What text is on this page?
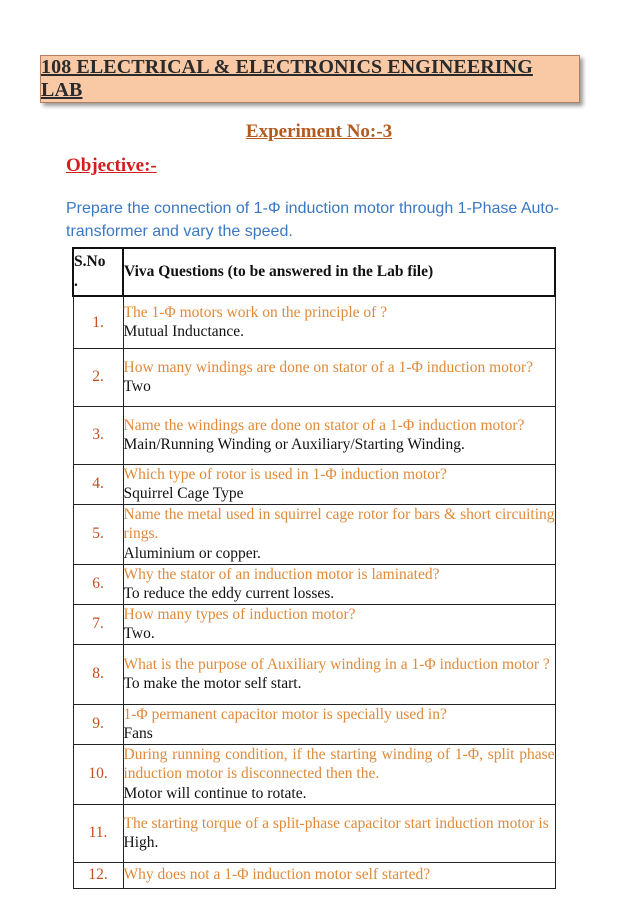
108 ELECTRICAL & ELECTRONICS ENGINEERING LAB
Experiment No:-3
Objective:-
Prepare the connection of 1-Φ induction motor through 1-Phase Auto- transformer and vary the speed.
S.No
.	Viva Questions (to be answered in the Lab file)
1.	The 1-Φ motors work on the principle of ?
Mutual Inductance.

2.	How many windings are done on stator of a 1-Φ induction motor?
Two

3.	Name the windings are done on stator of a 1-Φ induction motor?
Main/Running Winding or Auxiliary/Starting Winding.

4.	Which type of rotor is used in 1-Φ induction motor?
Squirrel Cage Type

5.	Name the metal used in squirrel cage rotor for bars & short circuiting rings.
Aluminium or copper.

6.	Why the stator of an induction motor is laminated?
To reduce the eddy current losses.

7.	How many types of induction motor?
Two.

8.	What is the purpose of Auxiliary winding in a 1-Φ induction motor ?
To make the motor self start.

9.	1-Φ permanent capacitor motor is specially used in?
Fans

10.	During running condition, if the starting winding of 1-Φ, split phase induction motor is disconnected then the.
Motor will continue to rotate.

11.	The starting torque of a split-phase capacitor start induction motor is
High.

12.	Why does not a 1-Φ induction motor self started?
